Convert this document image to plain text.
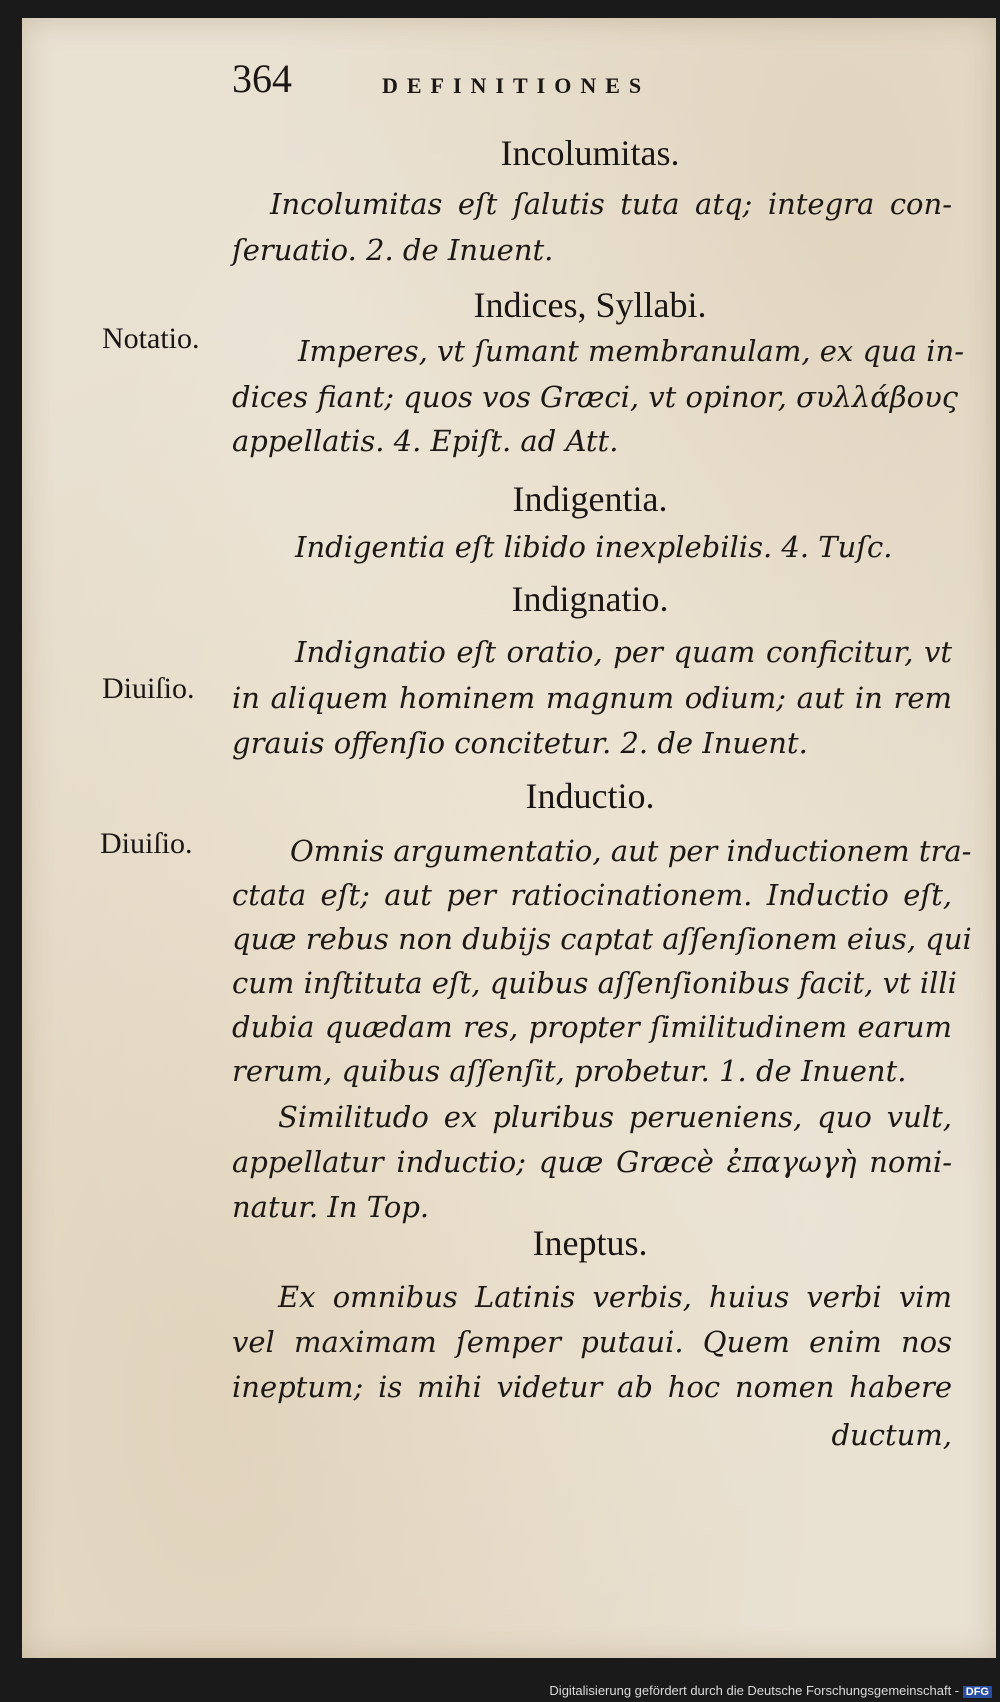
364	DEFINITIONES
Incolumitas.
Incolumitas eſt ſalutis tuta atq; integra con-
ſeruatio. 2. de Inuent.
Indices, Syllabi.
Notatio.	Imperes, vt ſumant membranulam, ex qua in-
dices fiant; quos vos Græci, vt opinor, συλλάβους
appellatis. 4. Epiſt. ad Att.
Indigentia.
Indigentia eſt libido inexplebilis. 4. Tuſc.
Indignatio.
Indignatio eſt oratio, per quam conficitur, vt
Diuiſio. in aliquem hominem magnum odium; aut in rem
grauis offenſio concitetur. 2. de Inuent.
Inductio.
Diuiſio.	Omnis argumentatio, aut per inductionem tra-
ctata eſt; aut per ratiocinationem. Inductio eſt,
quæ rebus non dubijs captat aſſenſionem eius, qui
cum inſtituta eſt, quibus aſſenſionibus facit, vt illi
dubia quædam res, propter ſimilitudinem earum
rerum, quibus aſſenſit, probetur. 1. de Inuent.
Similitudo ex pluribus perueniens, quo vult,
appellatur inductio; quæ Græcè ἐπαγωγὴ nomi-
natur. In Top.
Ineptus.
Ex omnibus Latinis verbis, huius verbi vim
vel maximam ſemper putaui. Quem enim nos
ineptum; is mihi videtur ab hoc nomen habere
ductum,
Digitalisierung gefördert durch die Deutsche Forschungsgemeinschaft - DFG
